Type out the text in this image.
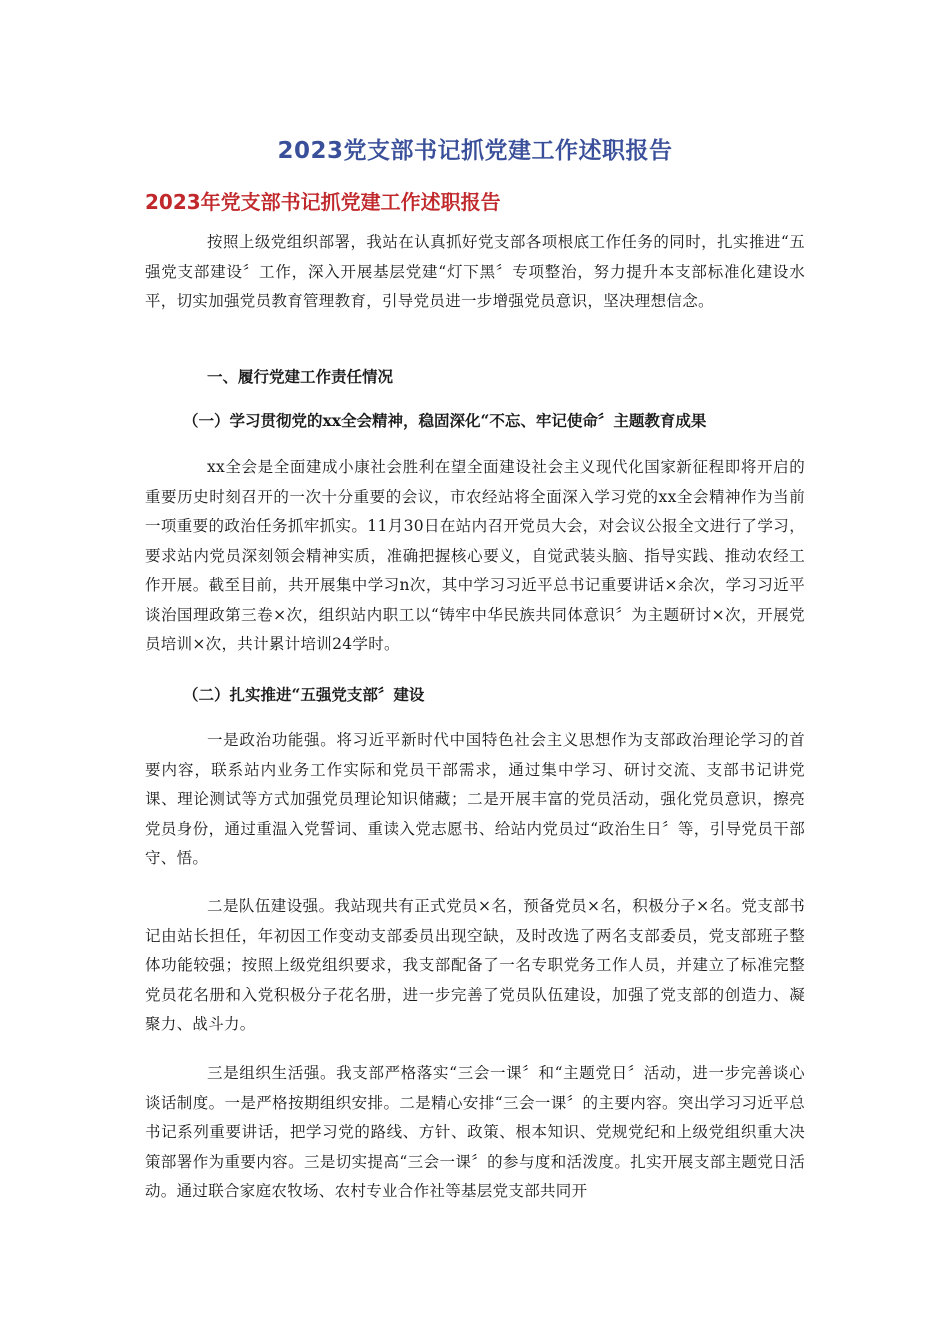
2023党支部书记抓党建工作述职报告
2023年党支部书记抓党建工作述职报告

按照上级党组织部署，我站在认真抓好党支部各项根底工作任务的同时，扎实推进“五强党支部建设〞工作，深入开展基层党建“灯下黑〞专项整治，努力提升本支部标准化建设水平，切实加强党员教育管理教育，引导党员进一步增强党员意识，坚决理想信念。

一、履行党建工作责任情况
（一）学习贯彻党的xx全会精神，稳固深化“不忘、牢记使命〞主题教育成果

xx全会是全面建成小康社会胜利在望全面建设社会主义现代化国家新征程即将开启的重要历史时刻召开的一次十分重要的会议，市农经站将全面深入学习党的xx全会精神作为当前一项重要的政治任务抓牢抓实。11月30日在站内召开党员大会，对会议公报全文进行了学习，要求站内党员深刻领会精神实质，准确把握核心要义，自觉武装头脑、指导实践、推动农经工作开展。截至目前，共开展集中学习n次，其中学习习近平总书记重要讲话×余次，学习习近平谈治国理政第三卷×次，组织站内职工以“铸牢中华民族共同体意识〞为主题研讨×次，开展党员培训×次，共计累计培训24学时。

（二）扎实推进“五强党支部〞建设

一是政治功能强。将习近平新时代中国特色社会主义思想作为支部政治理论学习的首要内容，联系站内业务工作实际和党员干部需求，通过集中学习、研讨交流、支部书记讲党课、理论测试等方式加强党员理论知识储藏；二是开展丰富的党员活动，强化党员意识，擦亮党员身份，通过重温入党誓词、重读入党志愿书、给站内党员过“政治生日〞等，引导党员干部守、悟。

二是队伍建设强。我站现共有正式党员×名，预备党员×名，积极分子×名。党支部书记由站长担任，年初因工作变动支部委员出现空缺，及时改选了两名支部委员，党支部班子整体功能较强；按照上级党组织要求，我支部配备了一名专职党务工作人员，并建立了标准完整党员花名册和入党积极分子花名册，进一步完善了党员队伍建设，加强了党支部的创造力、凝聚力、战斗力。

三是组织生活强。我支部严格落实“三会一课〞和“主题党日〞活动，进一步完善谈心谈话制度。一是严格按期组织安排。二是精心安排“三会一课〞的主要内容。突出学习习近平总书记系列重要讲话，把学习党的路线、方针、政策、根本知识、党规党纪和上级党组织重大决策部署作为重要内容。三是切实提高“三会一课〞的参与度和活泼度。扎实开展支部主题党日活动。通过联合家庭农牧场、农村专业合作社等基层党支部共同开
